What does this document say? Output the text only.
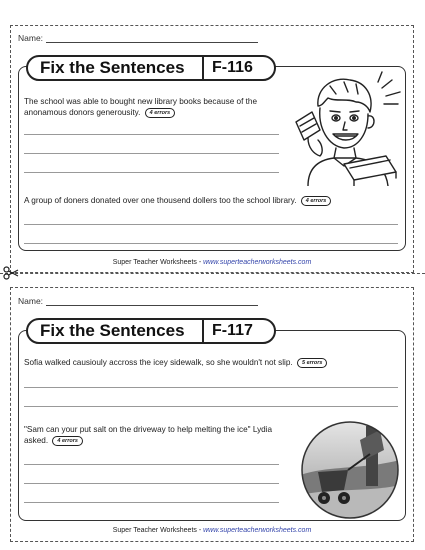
Name:
Fix the Sentences F-116
The school was able to bought new library books because of the anonamous donors generousity. 4 errors
A group of doners donated over one thousend dollers too the school library. 4 errors
Super Teacher Worksheets - www.superteacherworksheets.com
Name:
Fix the Sentences F-117
Sofia walked causiouly accross the icey sidewalk, so she wouldn't not slip. 5 errors
"Sam can your put salt on the driveway to help melting the ice" Lydia asked. 4 errors
Super Teacher Worksheets - www.superteacherworksheets.com
